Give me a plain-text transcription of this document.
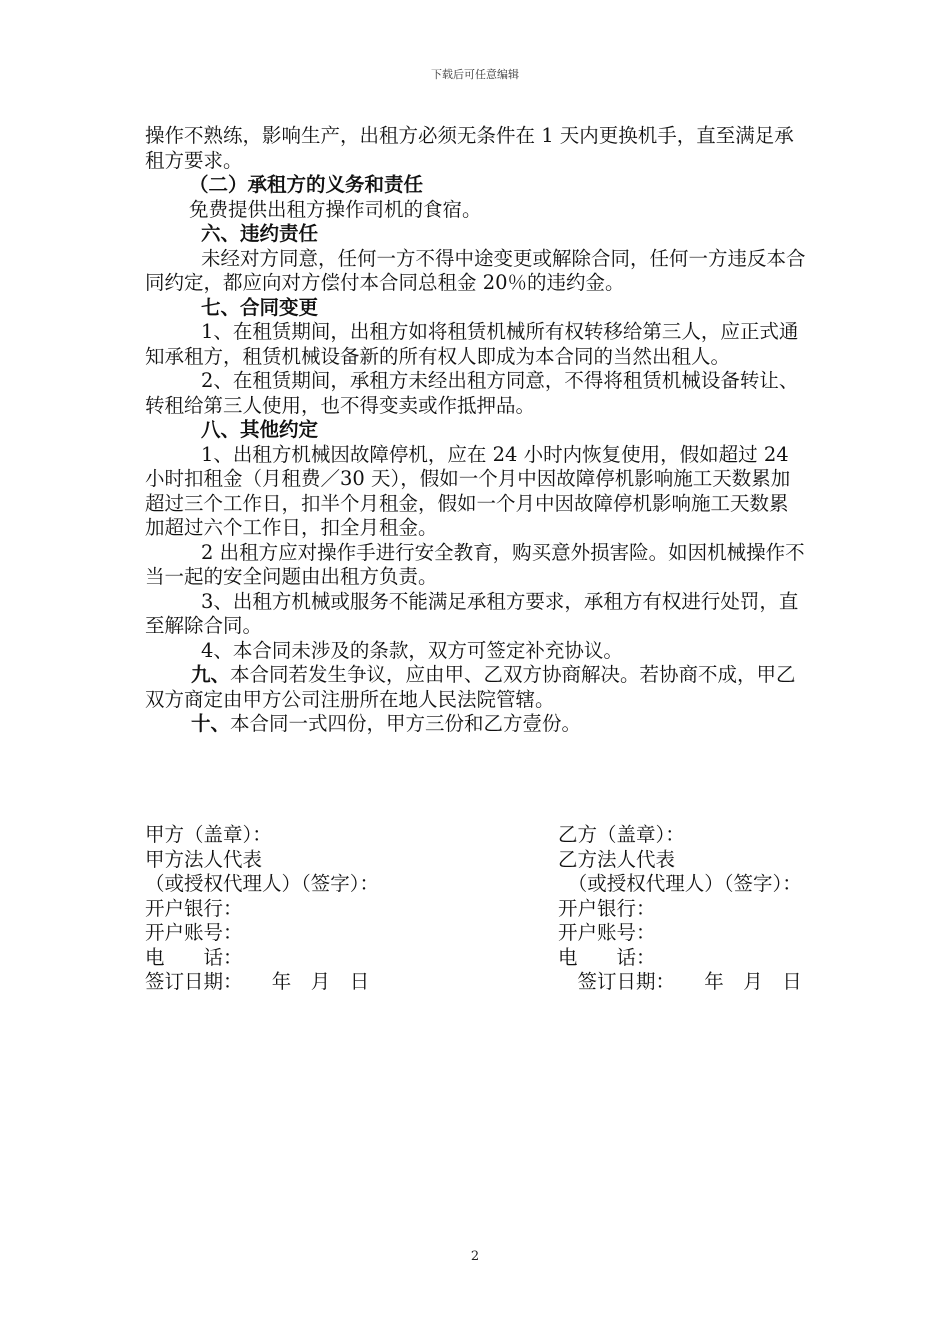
下载后可任意编辑

操作不熟练，影响生产，出租方必须无条件在 1 天内更换机手，直至满足承租方要求。

（二）承租方的义务和责任

免费提供出租方操作司机的食宿。

六、违约责任

未经对方同意，任何一方不得中途变更或解除合同，任何一方违反本合同约定，都应向对方偿付本合同总租金 20％的违约金。

七、合同变更

1、在租赁期间，出租方如将租赁机械所有权转移给第三人，应正式通知承租方，租赁机械设备新的所有权人即成为本合同的当然出租人。

2、在租赁期间，承租方未经出租方同意，不得将租赁机械设备转让、转租给第三人使用，也不得变卖或作抵押品。

八、其他约定

1、出租方机械因故障停机，应在 24 小时内恢复使用，假如超过 24 小时扣租金（月租费／30 天），假如一个月中因故障停机影响施工天数累加超过三个工作日，扣半个月租金，假如一个月中因故障停机影响施工天数累加超过六个工作日，扣全月租金。

2 出租方应对操作手进行安全教育，购买意外损害险。如因机械操作不当一起的安全问题由出租方负责。

3、出租方机械或服务不能满足承租方要求，承租方有权进行处罚，直至解除合同。

4、本合同未涉及的条款，双方可签定补充协议。

九、本合同若发生争议，应由甲、乙双方协商解决。若协商不成，甲乙双方商定由甲方公司注册所在地人民法院管辖。

十、本合同一式四份，甲方三份和乙方壹份。

甲方（盖章）：
甲方法人代表
（或授权代理人）（签字）：
开户银行：
开户账号：
电　　话：
签订日期：　　年　月　日
乙方（盖章）：
乙方法人代表
　（或授权代理人）（签字）：
开户银行：
开户账号：
电　　话：
　签订日期：　　年　月　日
2
